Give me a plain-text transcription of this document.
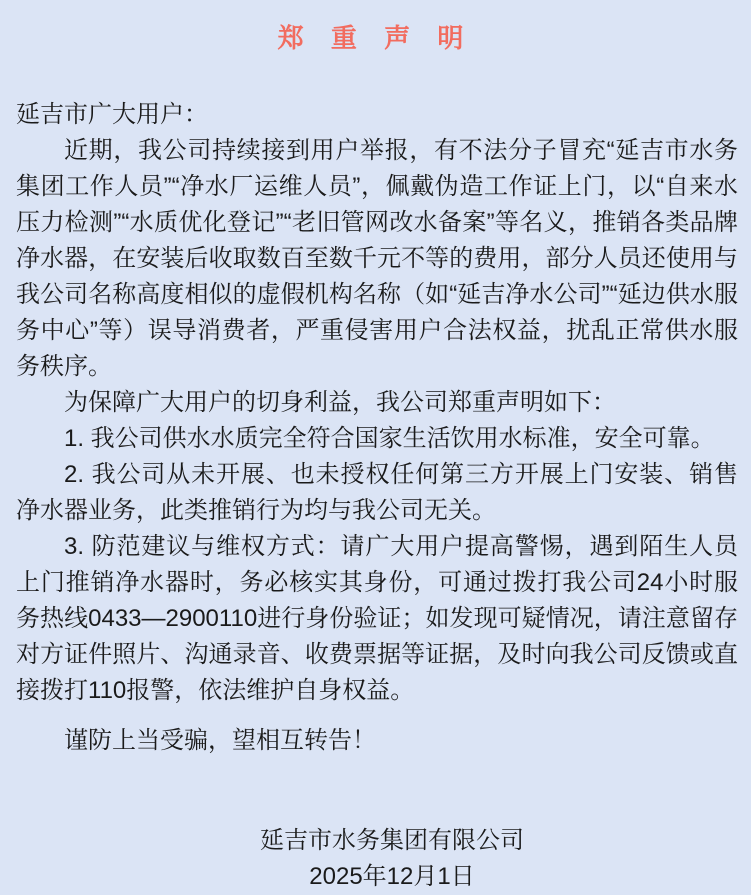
郑 重 声 明

延吉市广大用户：

近期，我公司持续接到用户举报，有不法分子冒充“延吉市水务集团工作人员”“净水厂运维人员”，佩戴伪造工作证上门，以“自来水压力检测”“水质优化登记”“老旧管网改水备案”等名义，推销各类品牌净水器，在安装后收取数百至数千元不等的费用，部分人员还使用与我公司名称高度相似的虚假机构名称（如“延吉净水公司”“延边供水服务中心”等）误导消费者，严重侵害用户合法权益，扰乱正常供水服务秩序。

为保障广大用户的切身利益，我公司郑重声明如下：

1. 我公司供水水质完全符合国家生活饮用水标准，安全可靠。

2. 我公司从未开展、也未授权任何第三方开展上门安装、销售净水器业务，此类推销行为均与我公司无关。

3. 防范建议与维权方式：请广大用户提高警惕，遇到陌生人员上门推销净水器时，务必核实其身份，可通过拨打我公司24小时服务热线0433—2900110进行身份验证；如发现可疑情况，请注意留存对方证件照片、沟通录音、收费票据等证据，及时向我公司反馈或直接拨打110报警，依法维护自身权益。

谨防上当受骗，望相互转告！

延吉市水务集团有限公司

2025年12月1日
